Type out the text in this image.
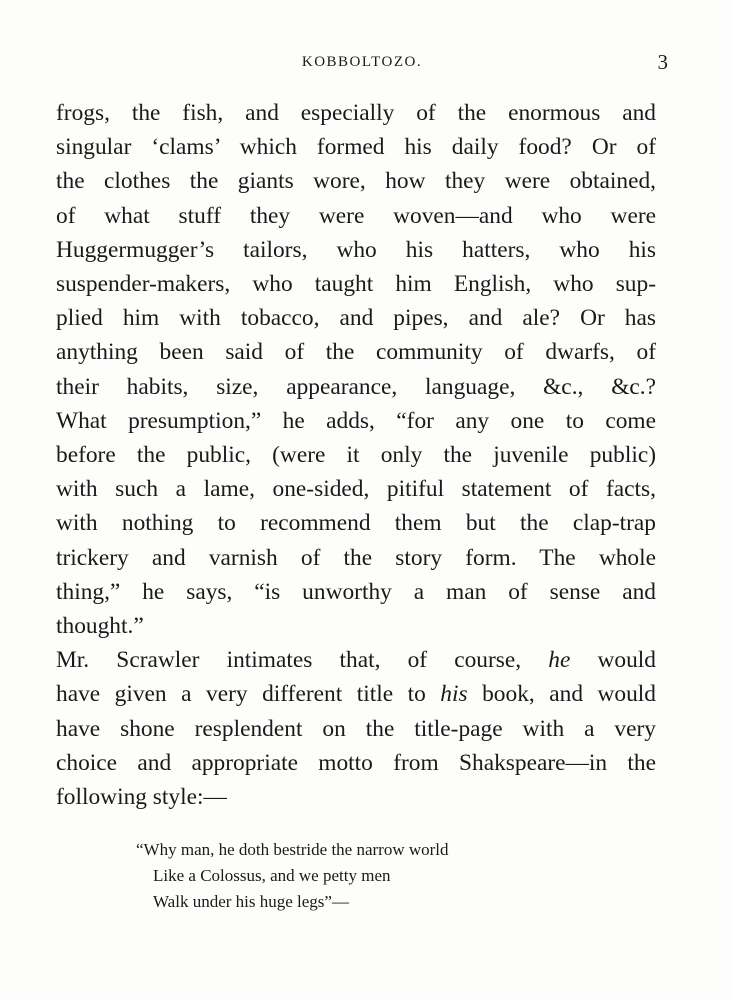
KOBBOLTOZO.	3

frogs, the fish, and especially of the enormous and
singular ‘clams’ which formed his daily food? Or of
the clothes the giants wore, how they were obtained,
of what stuff they were woven—and who were
Huggermugger’s tailors, who his hatters, who his
suspender-makers, who taught him English, who sup-
plied him with tobacco, and pipes, and ale? Or has
anything been said of the community of dwarfs, of
their habits, size, appearance, language, &c., &c.?
What presumption,” he adds, “for any one to come
before the public, (were it only the juvenile public)
with such a lame, one-sided, pitiful statement of facts,
with nothing to recommend them but the clap-trap
trickery and varnish of the story form. The whole
thing,” he says, “is unworthy a man of sense and
thought.”

Mr. Scrawler intimates that, of course, he would
have given a very different title to his book, and would
have shone resplendent on the title-page with a very
choice and appropriate motto from Shakspeare—in the
following style:—

“Why man, he doth bestride the narrow world
Like a Colossus, and we petty men
Walk under his huge legs”—
